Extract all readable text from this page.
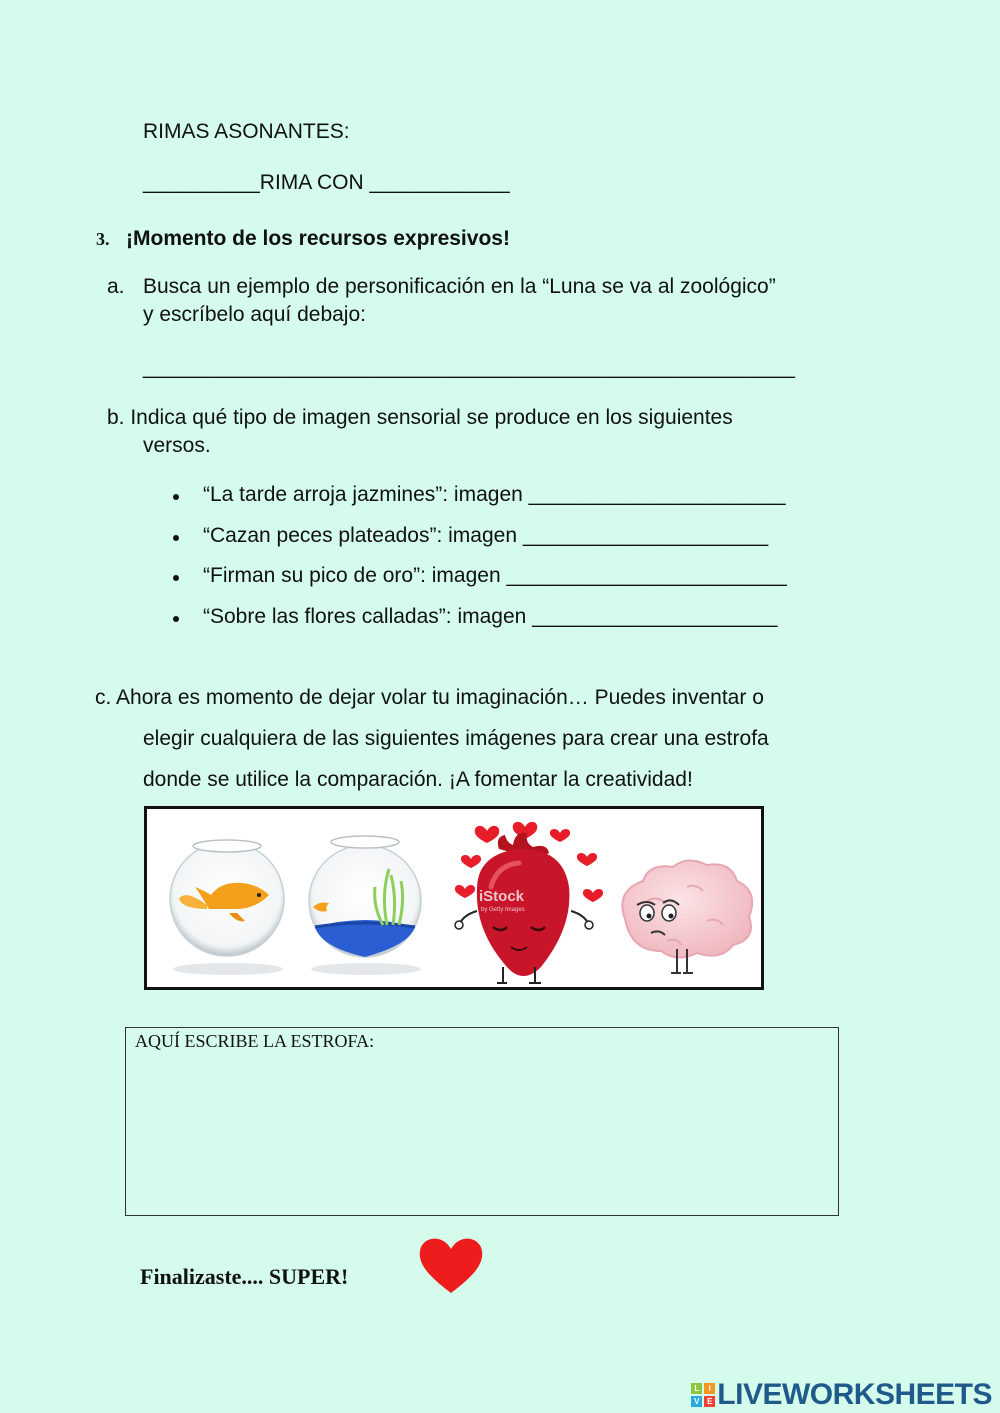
RIMAS ASONANTES:
__________RIMA CON ____________
3. ¡Momento de los recursos expresivos!
a. Busca un ejemplo de personificación en la “Luna se va al zoológico”
y escríbelo aquí debajo:
______________________________________________________
b. Indica qué tipo de imagen sensorial se produce en los siguientes
versos.
“La tarde arroja jazmines”: imagen ______________________
“Cazan peces plateados”: imagen _____________________
“Firman su pico de oro”: imagen ________________________
“Sobre las flores calladas”: imagen _____________________
c. Ahora es momento de dejar volar tu imaginación… Puedes inventar o
elegir cualquiera de las siguientes imágenes para crear una estrofa
donde se utilice la comparación. ¡A fomentar la creatividad!
iStock
by Getty Images
AQUÍ ESCRIBE LA ESTROFA:
Finalizaste.... SUPER!
L	I
V E LIVEWORKSHEETS
